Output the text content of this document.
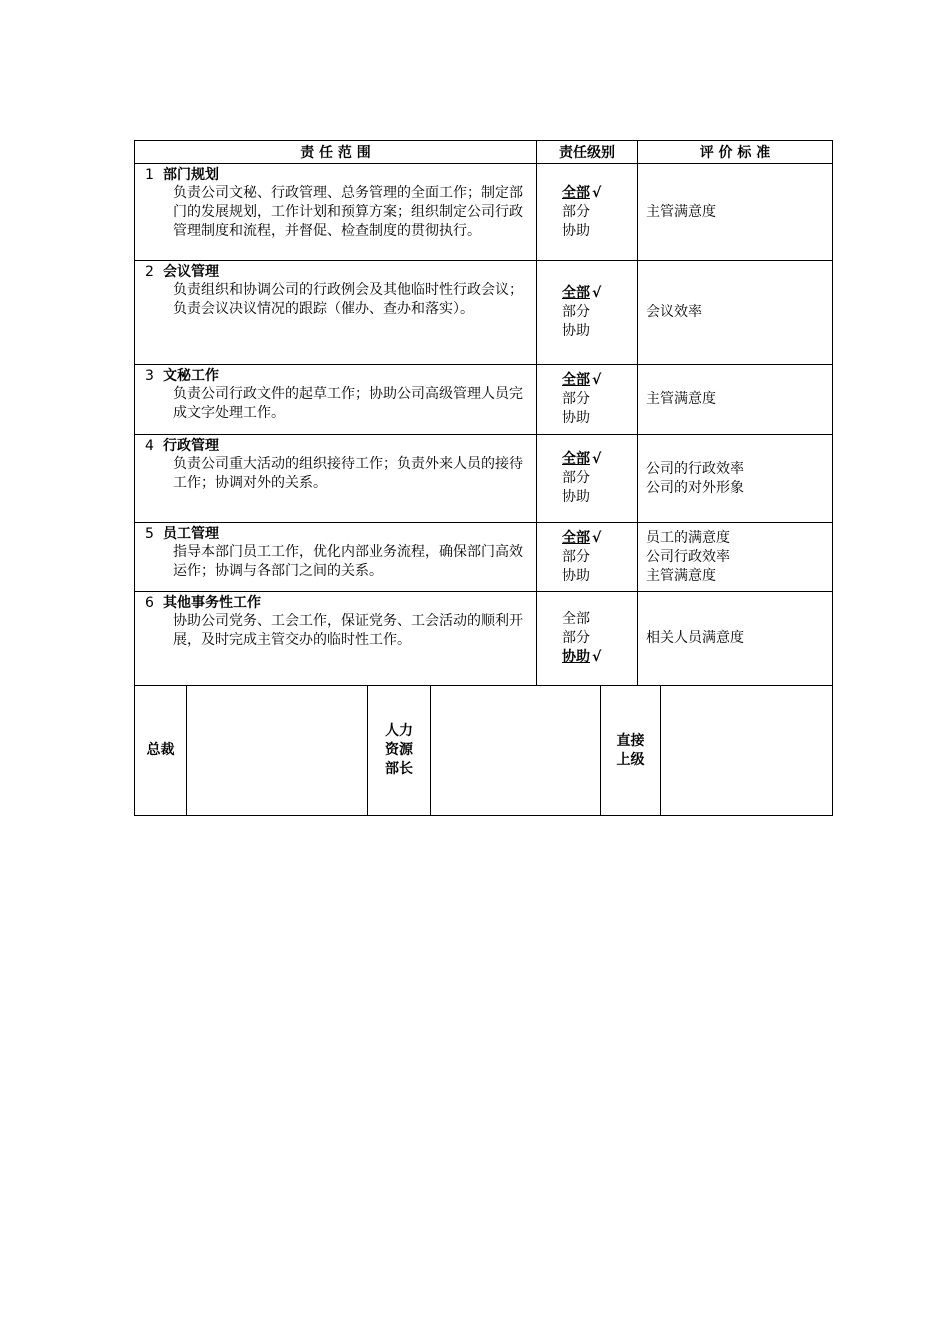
责 任 范 围	责任级别	评 价 标 准
1 部门规划
负责公司文秘、行政管理、总务管理的全面工作；制定部门的发展规划，工作计划和预算方案；组织制定公司行政管理制度和流程，并督促、检查制度的贯彻执行。
全部 √
部分
协助
主管满意度
2 会议管理
负责组织和协调公司的行政例会及其他临时性行政会议；负责会议决议情况的跟踪（催办、查办和落实）。
全部 √
部分
协助
会议效率
3 文秘工作
负责公司行政文件的起草工作；协助公司高级管理人员完成文字处理工作。
全部 √
部分
协助
主管满意度
4 行政管理
负责公司重大活动的组织接待工作；负责外来人员的接待工作；协调对外的关系。
全部 √
部分
协助
公司的行政效率
公司的对外形象
5 员工管理
指导本部门员工工作，优化内部业务流程，确保部门高效运作；协调与各部门之间的关系。
全部 √
部分
协助
员工的满意度
公司行政效率
主管满意度
6 其他事务性工作
协助公司党务、工会工作，保证党务、工会活动的顺利开展，及时完成主管交办的临时性工作。
全部
部分
协助 √
相关人员满意度
总裁
人力资源部长
直接上级
